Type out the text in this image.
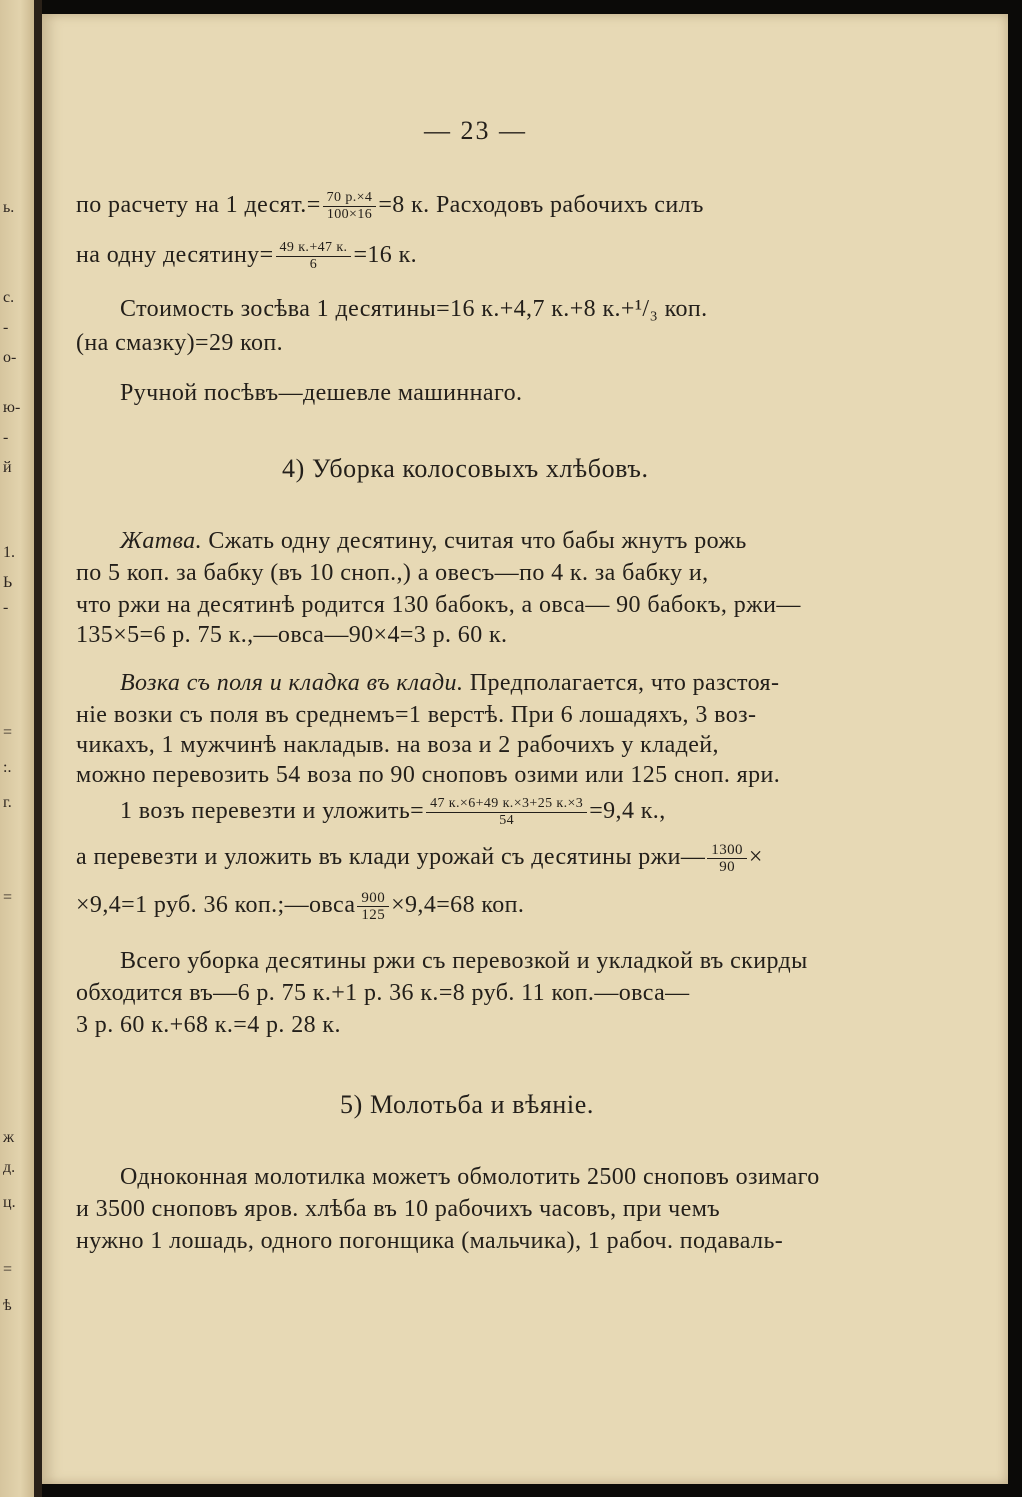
ь.
с.
-
о-
ю-
-
й
1.
Ь
-
=
:.
г.
=
ж
д.
ц.
=
ѣ
— 23 —
по расчету на 1 десят.= $\frac{70 р.\times 4}{100\times 16} =8$ к. Расходовъ рабочихъ силъ
на одну десятину= $\frac{49 к.+47 к.}{6} =16$ к.
Стоимость зосѣва 1 десятины=16 к.+4,7 к.+8 к.+¹/₃ коп.
(на смазку)=29 коп.
Ручной посѣвъ—дешевле машиннаго.
4) Уборка колосовыхъ хлѣбовъ.
Жатва. Сжать одну десятину, считая что бабы жнутъ рожь
по 5 коп. за бабку (въ 10 сноп.,) а овесъ—по 4 к. за бабку и,
что ржи на десятинѣ родится 130 бабокъ, а овса— 90 бабокъ, ржи—
135×5=6 р. 75 к.,—овса—90×4=3 р. 60 к.
Возка съ поля и кладка въ клади. Предполагается, что разстоя-
ніе возки съ поля въ среднемъ=1 верстѣ. При 6 лошадяхъ, 3 воз-
чикахъ, 1 мужчинѣ накладыв. на воза и 2 рабочихъ у кладей,
можно перевозить 54 воза по 90 сноповъ озими или 125 сноп. яри.
1 возъ перевезти и уложить= $\frac{47 к.\times 6+49 к.\times 3+25 к.\times 3}{54} =9,4$ к.,
а перевезти и уложить въ клади урожай съ десятины ржи— $\frac{1300}{90}$ ×
×9,4=1 руб. 36 коп.;—овса $\frac{900}{125} \times 9,4=68$ коп.
Всего уборка десятины ржи съ перевозкой и укладкой въ скирды
обходится въ—6 р. 75 к.+1 р. 36 к.=8 руб. 11 коп.—овса—
3 р. 60 к.+68 к.=4 р. 28 к.
5) Молотьба и вѣяніе.
Одноконная молотилка можетъ обмолотить 2500 сноповъ озимаго
и 3500 сноповъ яров. хлѣба въ 10 рабочихъ часовъ, при чемъ
нужно 1 лошадь, одного погонщика (мальчика), 1 рабоч. подаваль-
